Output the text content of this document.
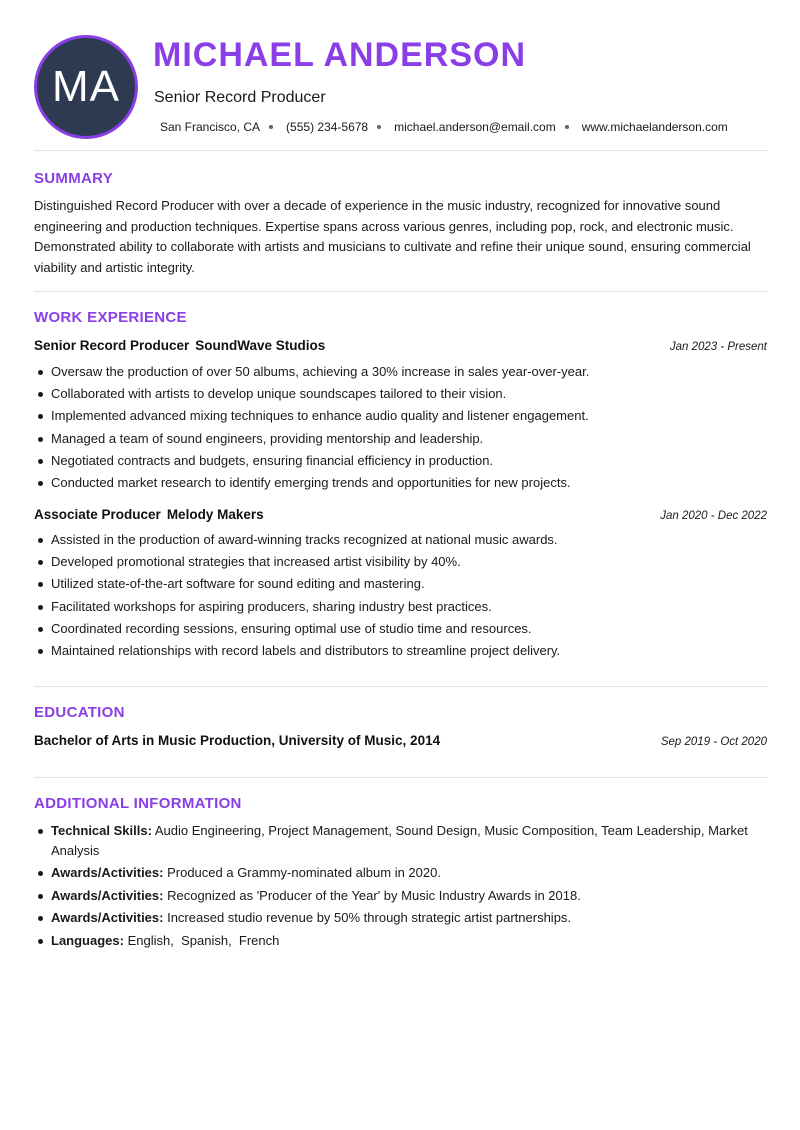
MA
MICHAEL ANDERSON
Senior Record Producer
San Francisco, CA (555) 234-5678 michael.anderson@email.com www.michaelanderson.com
SUMMARY

Distinguished Record Producer with over a decade of experience in the music industry, recognized for innovative sound engineering and production techniques. Expertise spans across various genres, including pop, rock, and electronic music. Demonstrated ability to collaborate with artists and musicians to cultivate and refine their unique sound, ensuring commercial viability and artistic integrity.

WORK EXPERIENCE
Senior Record Producer SoundWave Studios	Jan 2023 - Present
Oversaw the production of over 50 albums, achieving a 30% increase in sales year-over-year.
Collaborated with artists to develop unique soundscapes tailored to their vision.
Implemented advanced mixing techniques to enhance audio quality and listener engagement.
Managed a team of sound engineers, providing mentorship and leadership.
Negotiated contracts and budgets, ensuring financial efficiency in production.
Conducted market research to identify emerging trends and opportunities for new projects.
Associate Producer Melody Makers	Jan 2020 - Dec 2022
Assisted in the production of award-winning tracks recognized at national music awards.
Developed promotional strategies that increased artist visibility by 40%.
Utilized state-of-the-art software for sound editing and mastering.
Facilitated workshops for aspiring producers, sharing industry best practices.
Coordinated recording sessions, ensuring optimal use of studio time and resources.
Maintained relationships with record labels and distributors to streamline project delivery.
EDUCATION
Bachelor of Arts in Music Production, University of Music, 2014	Sep 2019 - Oct 2020
ADDITIONAL INFORMATION
Technical Skills: Audio Engineering, Project Management, Sound Design, Music Composition, Team Leadership, Market Analysis
Awards/Activities: Produced a Grammy-nominated album in 2020.
Awards/Activities: Recognized as 'Producer of the Year' by Music Industry Awards in 2018.
Awards/Activities: Increased studio revenue by 50% through strategic artist partnerships.
Languages: English , Spanish , French
